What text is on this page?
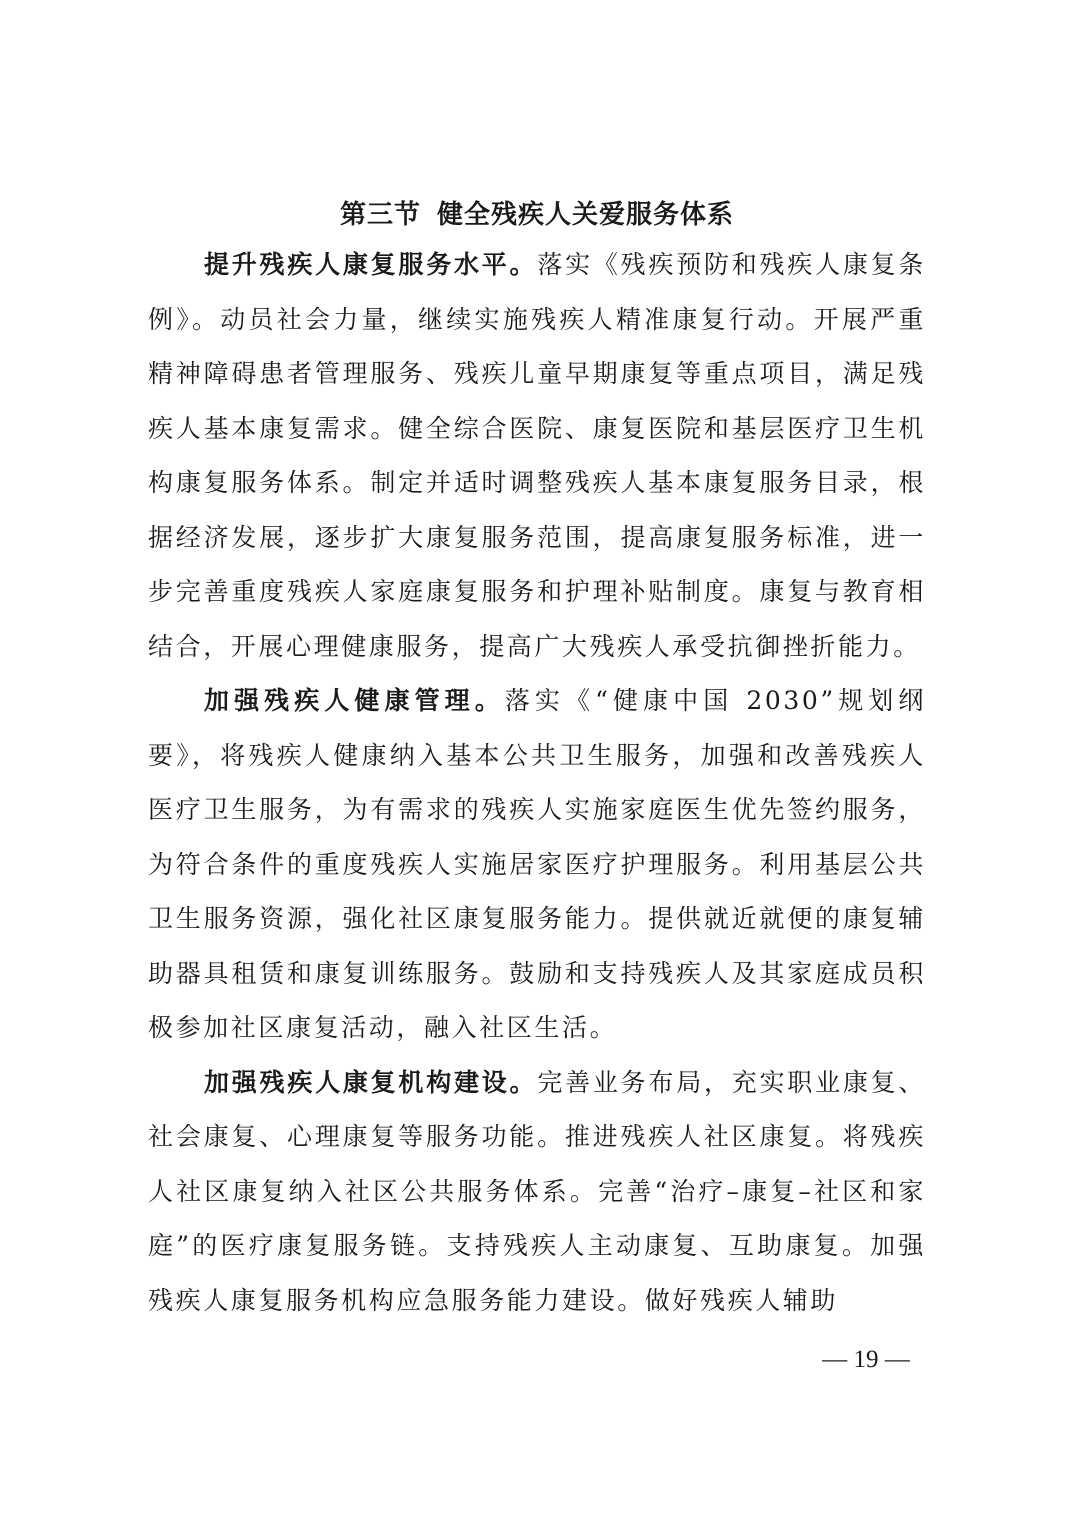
第三节 健全残疾人关爱服务体系

提升残疾人康复服务水平。落实《残疾预防和残疾人康复条例》。动员社会力量，继续实施残疾人精准康复行动。开展严重精神障碍患者管理服务、残疾儿童早期康复等重点项目，满足残疾人基本康复需求。健全综合医院、康复医院和基层医疗卫生机构康复服务体系。制定并适时调整残疾人基本康复服务目录，根据经济发展，逐步扩大康复服务范围，提高康复服务标准，进一步完善重度残疾人家庭康复服务和护理补贴制度。康复与教育相结合，开展心理健康服务，提高广大残疾人承受抗御挫折能力。

加强残疾人健康管理。落实《“健康中国 2030”规划纲要》，将残疾人健康纳入基本公共卫生服务，加强和改善残疾人医疗卫生服务，为有需求的残疾人实施家庭医生优先签约服务，为符合条件的重度残疾人实施居家医疗护理服务。利用基层公共卫生服务资源，强化社区康复服务能力。提供就近就便的康复辅助器具租赁和康复训练服务。鼓励和支持残疾人及其家庭成员积极参加社区康复活动，融入社区生活。

加强残疾人康复机构建设。完善业务布局，充实职业康复、社会康复、心理康复等服务功能。推进残疾人社区康复。将残疾人社区康复纳入社区公共服务体系。完善“治疗–康复–社区和家庭”的医疗康复服务链。支持残疾人主动康复、互助康复。加强残疾人康复服务机构应急服务能力建设。做好残疾人辅助

— 19 —
